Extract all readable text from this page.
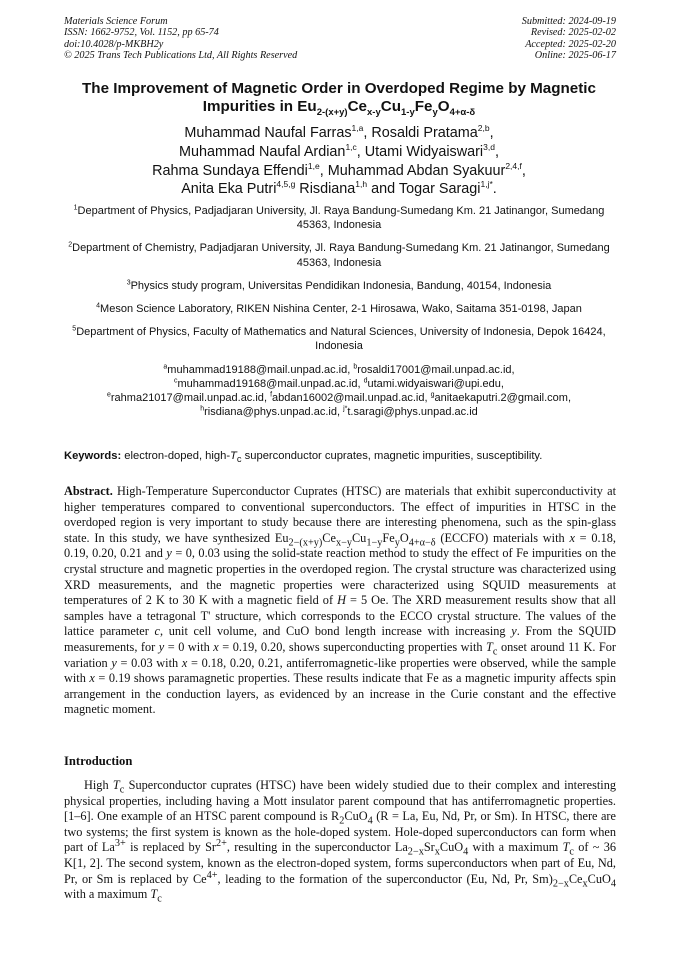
Materials Science Forum
ISSN: 1662-9752, Vol. 1152, pp 65-74
doi:10.4028/p-MKBH2y
© 2025 Trans Tech Publications Ltd, All Rights Reserved
Submitted: 2024-09-19
Revised: 2025-02-02
Accepted: 2025-02-20
Online: 2025-06-17
The Improvement of Magnetic Order in Overdoped Regime by Magnetic
Impurities in $Eu_{2-(x+y)}Ce_{x-y}Cu_{1-y}Fe_yO_{4+\alpha-\delta}$
Muhammad Naufal Farras$^{1,a}$, Rosaldi Pratama$^{2,b}$,
Muhammad Naufal Ardian$^{1,c}$, Utami Widyaiswari$^{3,d}$,
Rahma Sundaya Effendi$^{1,e}$, Muhammad Abdan Syakuur$^{2,4,f}$,
Anita Eka Putri$^{4,5,g}$ Risdiana$^{1,h}$ and Togar Saragi$^{1,j*}$.
$^1$Department of Physics, Padjadjaran University, Jl. Raya Bandung-Sumedang Km. 21 Jatinangor, Sumedang 45363, Indonesia
$^2$Department of Chemistry, Padjadjaran University, Jl. Raya Bandung-Sumedang Km. 21 Jatinangor, Sumedang 45363, Indonesia
$^3$Physics study program, Universitas Pendidikan Indonesia, Bandung, 40154, Indonesia
$^4$Meson Science Laboratory, RIKEN Nishina Center, 2-1 Hirosawa, Wako, Saitama 351-0198, Japan
$^5$Department of Physics, Faculty of Mathematics and Natural Sciences, University of Indonesia, Depok 16424, Indonesia
$^a$muhammad19188@mail.unpad.ac.id, $^b$rosaldi17001@mail.unpad.ac.id,
$^c$muhammad19168@mail.unpad.ac.id, $^d$utami.widyaiswari@upi.edu,
$^e$rahma21017@mail.unpad.ac.id, $^f$abdan16002@mail.unpad.ac.id, $^g$anitaekaputri.2@gmail.com,
$^h$risdiana@phys.unpad.ac.id, $^{j*}$t.saragi@phys.unpad.ac.id
Keywords: electron-doped, high-$T_c$ superconductor cuprates, magnetic impurities, susceptibility.
Abstract. High-Temperature Superconductor Cuprates (HTSC) are materials that exhibit superconductivity at higher temperatures compared to conventional superconductors. The effect of impurities in HTSC in the overdoped region is very important to study because there are interesting phenomena, such as the spin-glass state. In this study, we have synthesized $Eu_{2-(x+y)}Ce_{x-y}Cu_{1-y}Fe_yO_{4+\alpha-\delta}$ (ECCFO) materials with x = 0.18, 0.19, 0.20, 0.21 and y = 0, 0.03 using the solid-state reaction method to study the effect of Fe impurities on the crystal structure and magnetic properties in the overdoped region. The crystal structure was characterized using XRD measurements, and the magnetic properties were characterized using SQUID measurements at temperatures of 2 K to 30 K with a magnetic field of H = 5 Oe. The XRD measurement results show that all samples have a tetragonal T' structure, which corresponds to the ECCO crystal structure. The values of the lattice parameter c, unit cell volume, and CuO bond length increase with increasing y. From the SQUID measurements, for y = 0 with x = 0.19, 0.20, shows superconducting properties with $T_c$ onset around 11 K. For variation y = 0.03 with x = 0.18, 0.20, 0.21, antiferromagnetic-like properties were observed, while the sample with x = 0.19 shows paramagnetic properties. These results indicate that Fe as a magnetic impurity affects spin arrangement in the conduction layers, as evidenced by an increase in the Curie constant and the effective magnetic moment.
Introduction
High $T_c$ Superconductor cuprates (HTSC) have been widely studied due to their complex and interesting physical properties, including having a Mott insulator parent compound that has antiferromagnetic properties. [1–6]. One example of an HTSC parent compound is $R_2CuO_4$ (R = La, Eu, Nd, Pr, or Sm). In HTSC, there are two systems; the first system is known as the hole-doped system. Hole-doped superconductors can form when part of $La^{3+}$ is replaced by $Sr^{2+}$, resulting in the superconductor $La_{2-x}Sr_xCuO_4$ with a maximum $T_c$ of ~ 36 K[1, 2]. The second system, known as the electron-doped system, forms superconductors when part of Eu, Nd, Pr, or Sm is replaced by $Ce^{4+}$, leading to the formation of the superconductor (Eu, Nd, Pr, $Sm)_{2-x}Ce_xCuO_4$ with a maximum $T_c$
